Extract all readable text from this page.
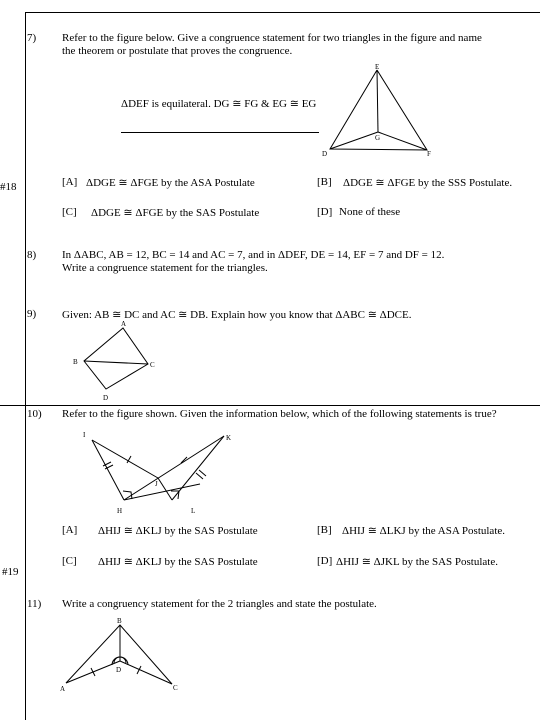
#18
#19
7) Refer to the figure below. Give a congruence statement for two triangles in the figure and name
the theorem or postulate that proves the congruence.
ΔDEF is equilateral. DG ≅ FG & EG ≅ EG
E
G
D	F
[A] ΔDGE ≅ ΔFGE by the ASA Postulate	[B] ΔDGE ≅ ΔFGE by the SSS Postulate.
[C] ΔDGE ≅ ΔFGE by the SAS Postulate	[D] None of these
8) In ΔABC, AB = 12, BC = 14 and AC = 7, and in ΔDEF, DE = 14, EF = 7 and DF = 12.
Write a congruence statement for the triangles.
9) Given: AB ≅ DC and AC ≅ DB. Explain how you know that ΔABC ≅ ΔDCE.
A
B	C
D
10) Refer to the figure shown. Given the information below, which of the following statements is true?
I	K
J
H	L
[A] ΔHIJ ≅ ΔKLJ by the SAS Postulate	[B] ΔHIJ ≅ ΔLKJ by the ASA Postulate.
[C] ΔHIJ ≅ ΔKLJ by the SAS Postulate	[D] ΔHIJ ≅ ΔJKL by the SAS Postulate.
11) Write a congruency statement for the 2 triangles and state the postulate.
B
D
A	C
